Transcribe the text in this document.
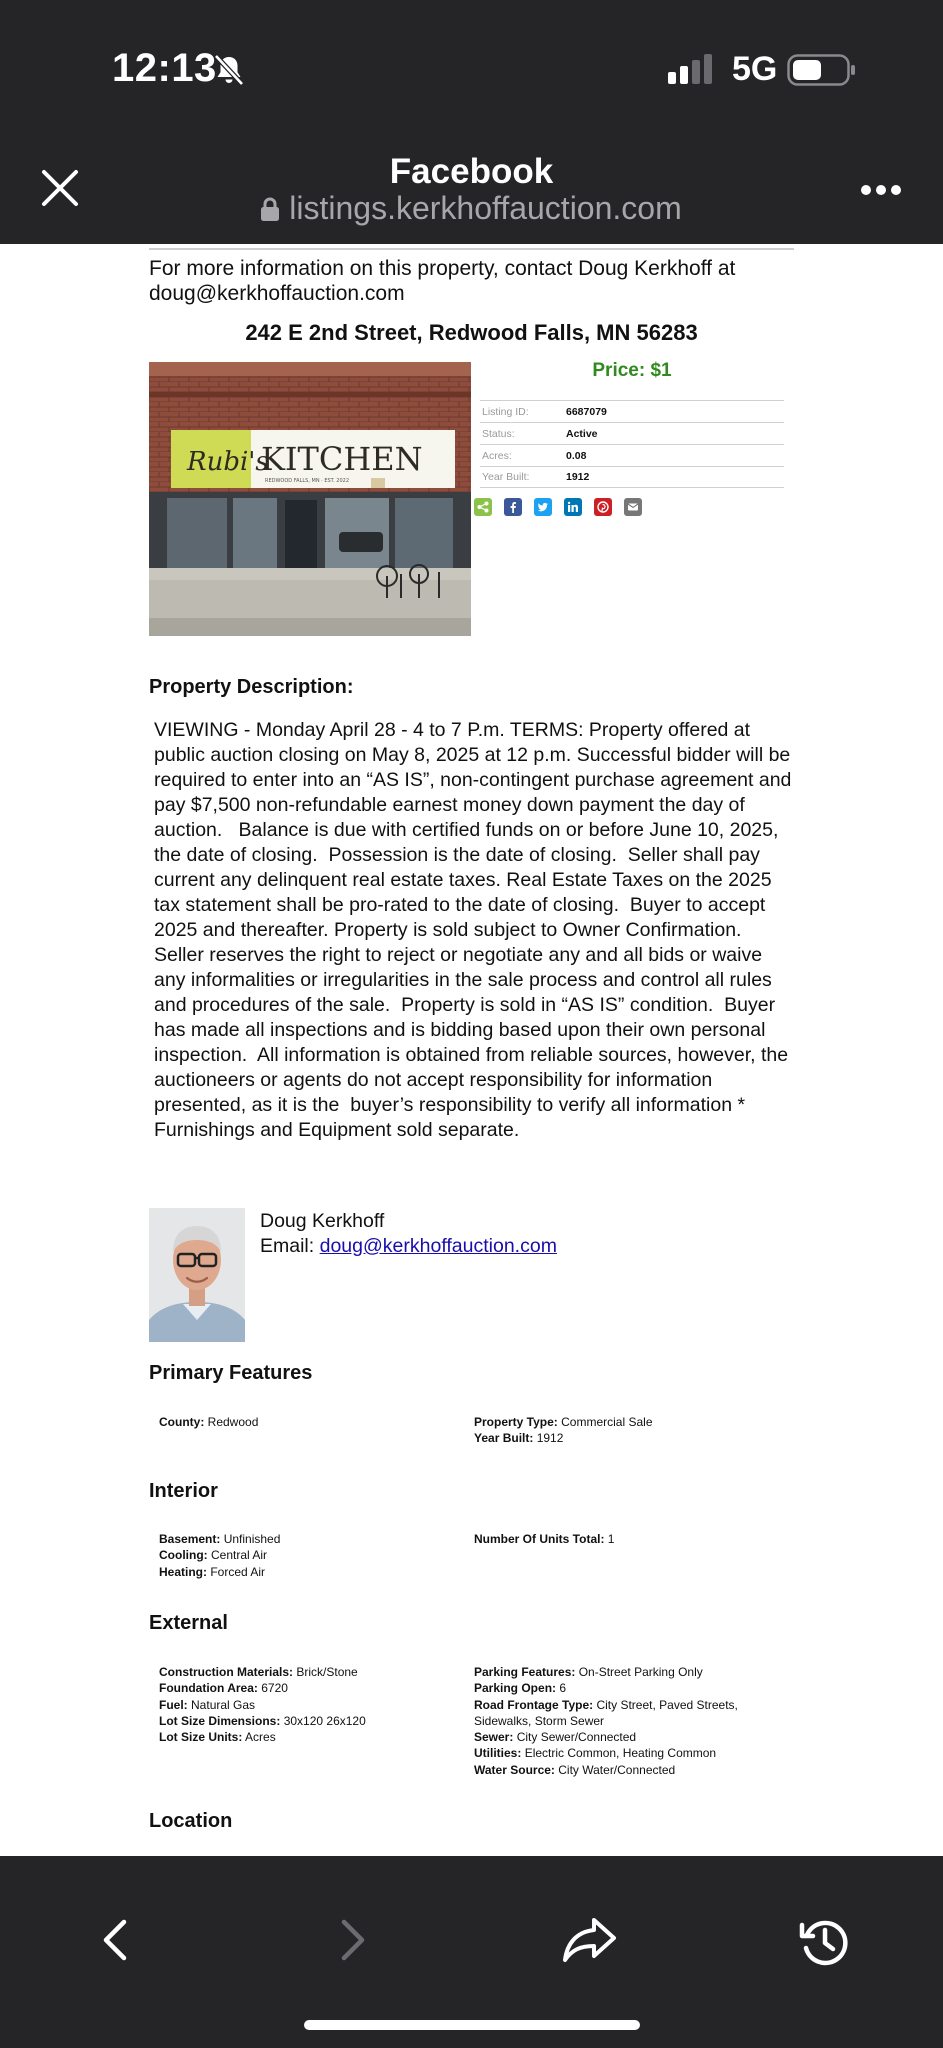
12:13	5G
Facebook
listings.kerkhoffauction.com
For more information on this property, contact Doug Kerkhoff at doug@kerkhoffauction.com
242 E 2nd Street, Redwood Falls, MN 56283
Rubi's
KITCHEN
REDWOOD FALLS, MN · EST. 2022
Price: $1
Listing ID:	6687079
Status:	Active
Acres:	0.08
Year Built:	1912
Property Description:
VIEWING - Monday April 28 - 4 to 7 P.m. TERMS: Property offered at public auction closing on May 8, 2025 at 12 p.m. Successful bidder will be required to enter into an “AS IS”, non-contingent purchase agreement and pay $7,500 non-refundable earnest money down payment the day of auction.   Balance is due with certified funds on or before June 10, 2025, the date of closing.  Possession is the date of closing.  Seller shall pay current any delinquent real estate taxes. Real Estate Taxes on the 2025 tax statement shall be pro-rated to the date of closing.  Buyer to accept 2025 and thereafter. Property is sold subject to Owner Confirmation.  Seller reserves the right to reject or negotiate any and all bids or waive any informalities or irregularities in the sale process and control all rules and procedures of the sale.  Property is sold in “AS IS” condition.  Buyer has made all inspections and is bidding based upon their own personal inspection.  All information is obtained from reliable sources, however, the auctioneers or agents do not accept responsibility for information presented, as it is the  buyer’s responsibility to verify all information * Furnishings and Equipment sold separate.
Doug Kerkhoff
Email: doug@kerkhoffauction.com
Primary Features
County: Redwood	Property Type: Commercial Sale
Year Built: 1912
Interior
Basement: Unfinished
Cooling: Central Air
Heating: Forced Air
Number Of Units Total: 1
External
Construction Materials: Brick/Stone
Foundation Area: 6720
Fuel: Natural Gas
Lot Size Dimensions: 30x120 26x120
Lot Size Units: Acres
Parking Features: On-Street Parking Only
Parking Open: 6
Road Frontage Type: City Street, Paved Streets, Sidewalks, Storm Sewer
Sewer: City Sewer/Connected
Utilities: Electric Common, Heating Common
Water Source: City Water/Connected
Location
